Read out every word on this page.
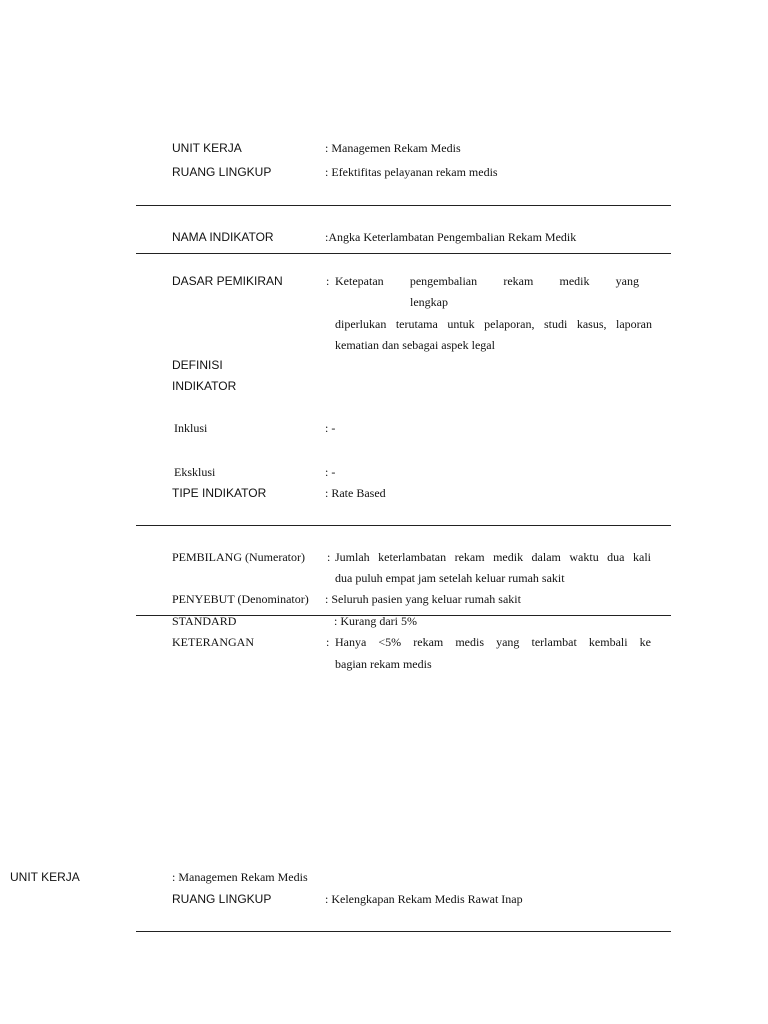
UNIT KERJA	: Managemen Rekam Medis
RUANG LINGKUP	: Efektifitas pelayanan rekam medis
NAMA INDIKATOR	:Angka Keterlambatan Pengembalian Rekam Medik
DASAR PEMIKIRAN	: Ketepatan pengembalian rekam medik yang
lengkap
diperlukan terutama untuk pelaporan, studi kasus, laporan
kematian dan sebagai aspek legal
DEFINISI
INDIKATOR
Inklusi	: -
Eksklusi	: -
TIPE INDIKATOR	: Rate Based
PEMBILANG (Numerator) : Jumlah keterlambatan rekam medik dalam waktu dua kali
dua puluh empat jam setelah keluar rumah sakit
PENYEBUT (Denominator) : Seluruh pasien yang keluar rumah sakit
STANDARD	: Kurang dari 5%
KETERANGAN	: Hanya <5% rekam medis yang terlambat kembali ke
bagian rekam medis
UNIT KERJA	: Managemen Rekam Medis
RUANG LINGKUP	: Kelengkapan Rekam Medis Rawat Inap
